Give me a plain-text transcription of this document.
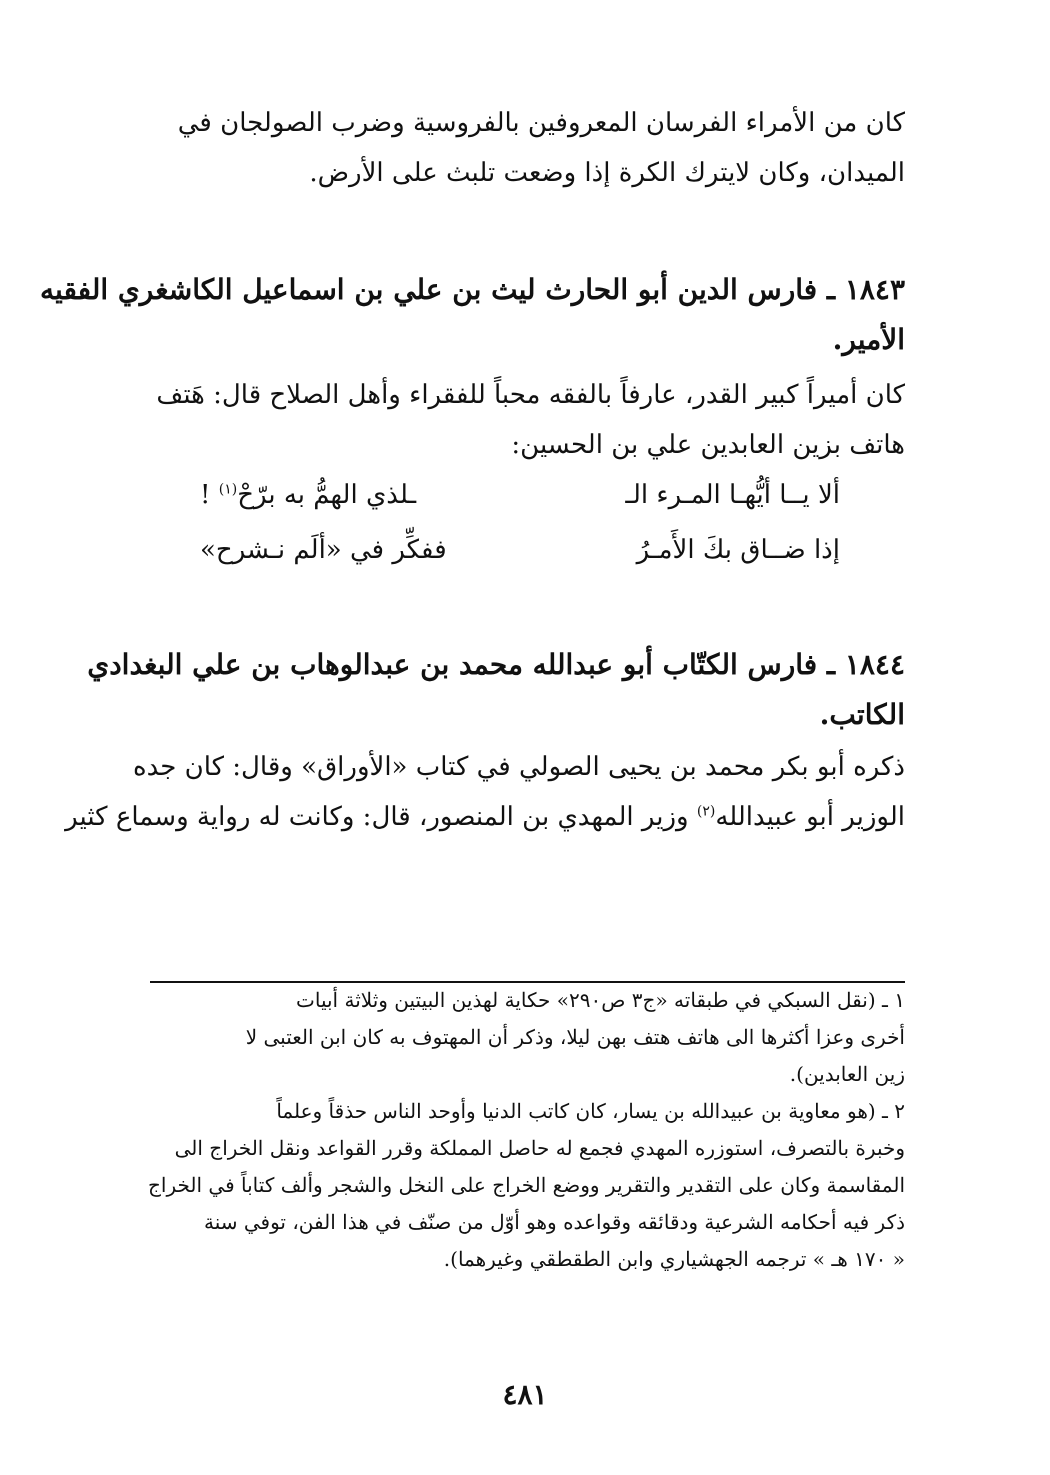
كان من الأمراء الفرسان المعروفين بالفروسية وضرب الصولجان في
الميدان، وكان لايترك الكرة إذا وضعت تلبث على الأرض.
١٨٤٣ ـ فارس الدين أبو الحارث ليث بن علي بن اسماعيل الكاشغري الفقيه
الأمير.
كان أميراً كبير القدر، عارفاً بالفقه محباً للفقراء وأهل الصلاح قال: هَتف
هاتف بزين العابدين علي بن الحسين:
ألا يــا أيُّهـا المـرء الـ
ـلذي الهمُّ به برّحْ$^{(١)}$ !
إذا ضــاق بكَ الأَمـرُ
ففكِّر في «ألَم نـشرح»
١٨٤٤ ـ فارس الكتّاب أبو عبدالله محمد بن عبدالوهاب بن علي البغدادي
الكاتب.
ذكره أبو بكر محمد بن يحيى الصولي في كتاب «الأوراق» وقال: كان جده
الوزير أبو عبيدالله$^{(٢)}$ وزير المهدي بن المنصور، قال: وكانت له رواية وسماع كثير
١ ـ (نقل السبكي في طبقاته «ج٣ ص٢٩٠» حكاية لهذين البيتين وثلاثة أبيات
أخرى وعزا أكثرها الى هاتف هتف بهن ليلا، وذكر أن المهتوف به كان ابن العتبى لا
زين العابدين).
٢ ـ (هو معاوية بن عبيدالله بن يسار، كان كاتب الدنيا وأوحد الناس حذقاً وعلماً
وخبرة بالتصرف، استوزره المهدي فجمع له حاصل المملكة وقرر القواعد ونقل الخراج الى
المقاسمة وكان على التقدير والتقرير ووضع الخراج على النخل والشجر وألف كتاباً في الخراج
ذكر فيه أحكامه الشرعية ودقائقه وقواعده وهو أوّل من صنّف في هذا الفن، توفي سنة
« ١٧٠ هـ » ترجمه الجهشياري وابن الطقطقي وغيرهما).
٤٨١
